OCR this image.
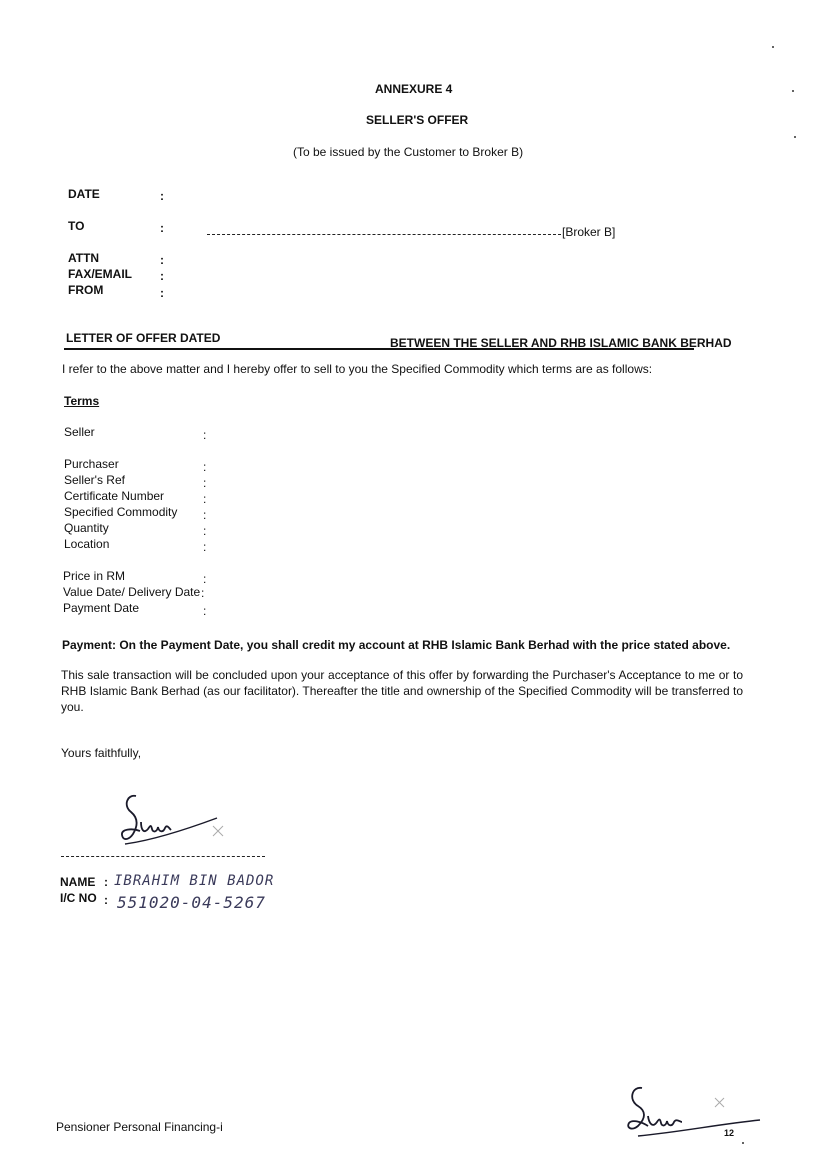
ANNEXURE 4
SELLER'S OFFER
(To be issued by the Customer to Broker B)
DATE	:
TO	:	[Broker B]
ATTN	:
FAX/EMAIL :
FROM	:
LETTER OF OFFER DATED	BETWEEN THE SELLER AND RHB ISLAMIC BANK BERHAD
I refer to the above matter and I hereby offer to sell to you the Specified Commodity which terms are as follows:
Terms
Seller	:
Purchaser	:
Seller's Ref	:
Certificate Number	:
Specified Commodity :
Quantity	:
Location	:
Price in RM	:
Value Date/ Delivery Date :
Payment Date	:
Payment: On the Payment Date, you shall credit my account at RHB Islamic Bank Berhad with the price stated above.
This sale transaction will be concluded upon your acceptance of this offer by forwarding the Purchaser's Acceptance to me or to RHB Islamic Bank Berhad (as our facilitator). Thereafter the title and ownership of the Specified Commodity will be transferred to you.
Yours faithfully,
NAME : IBRAHIM BIN BADOR
I/C NO : 551020-04-5267
Pensioner Personal Financing-i	12
